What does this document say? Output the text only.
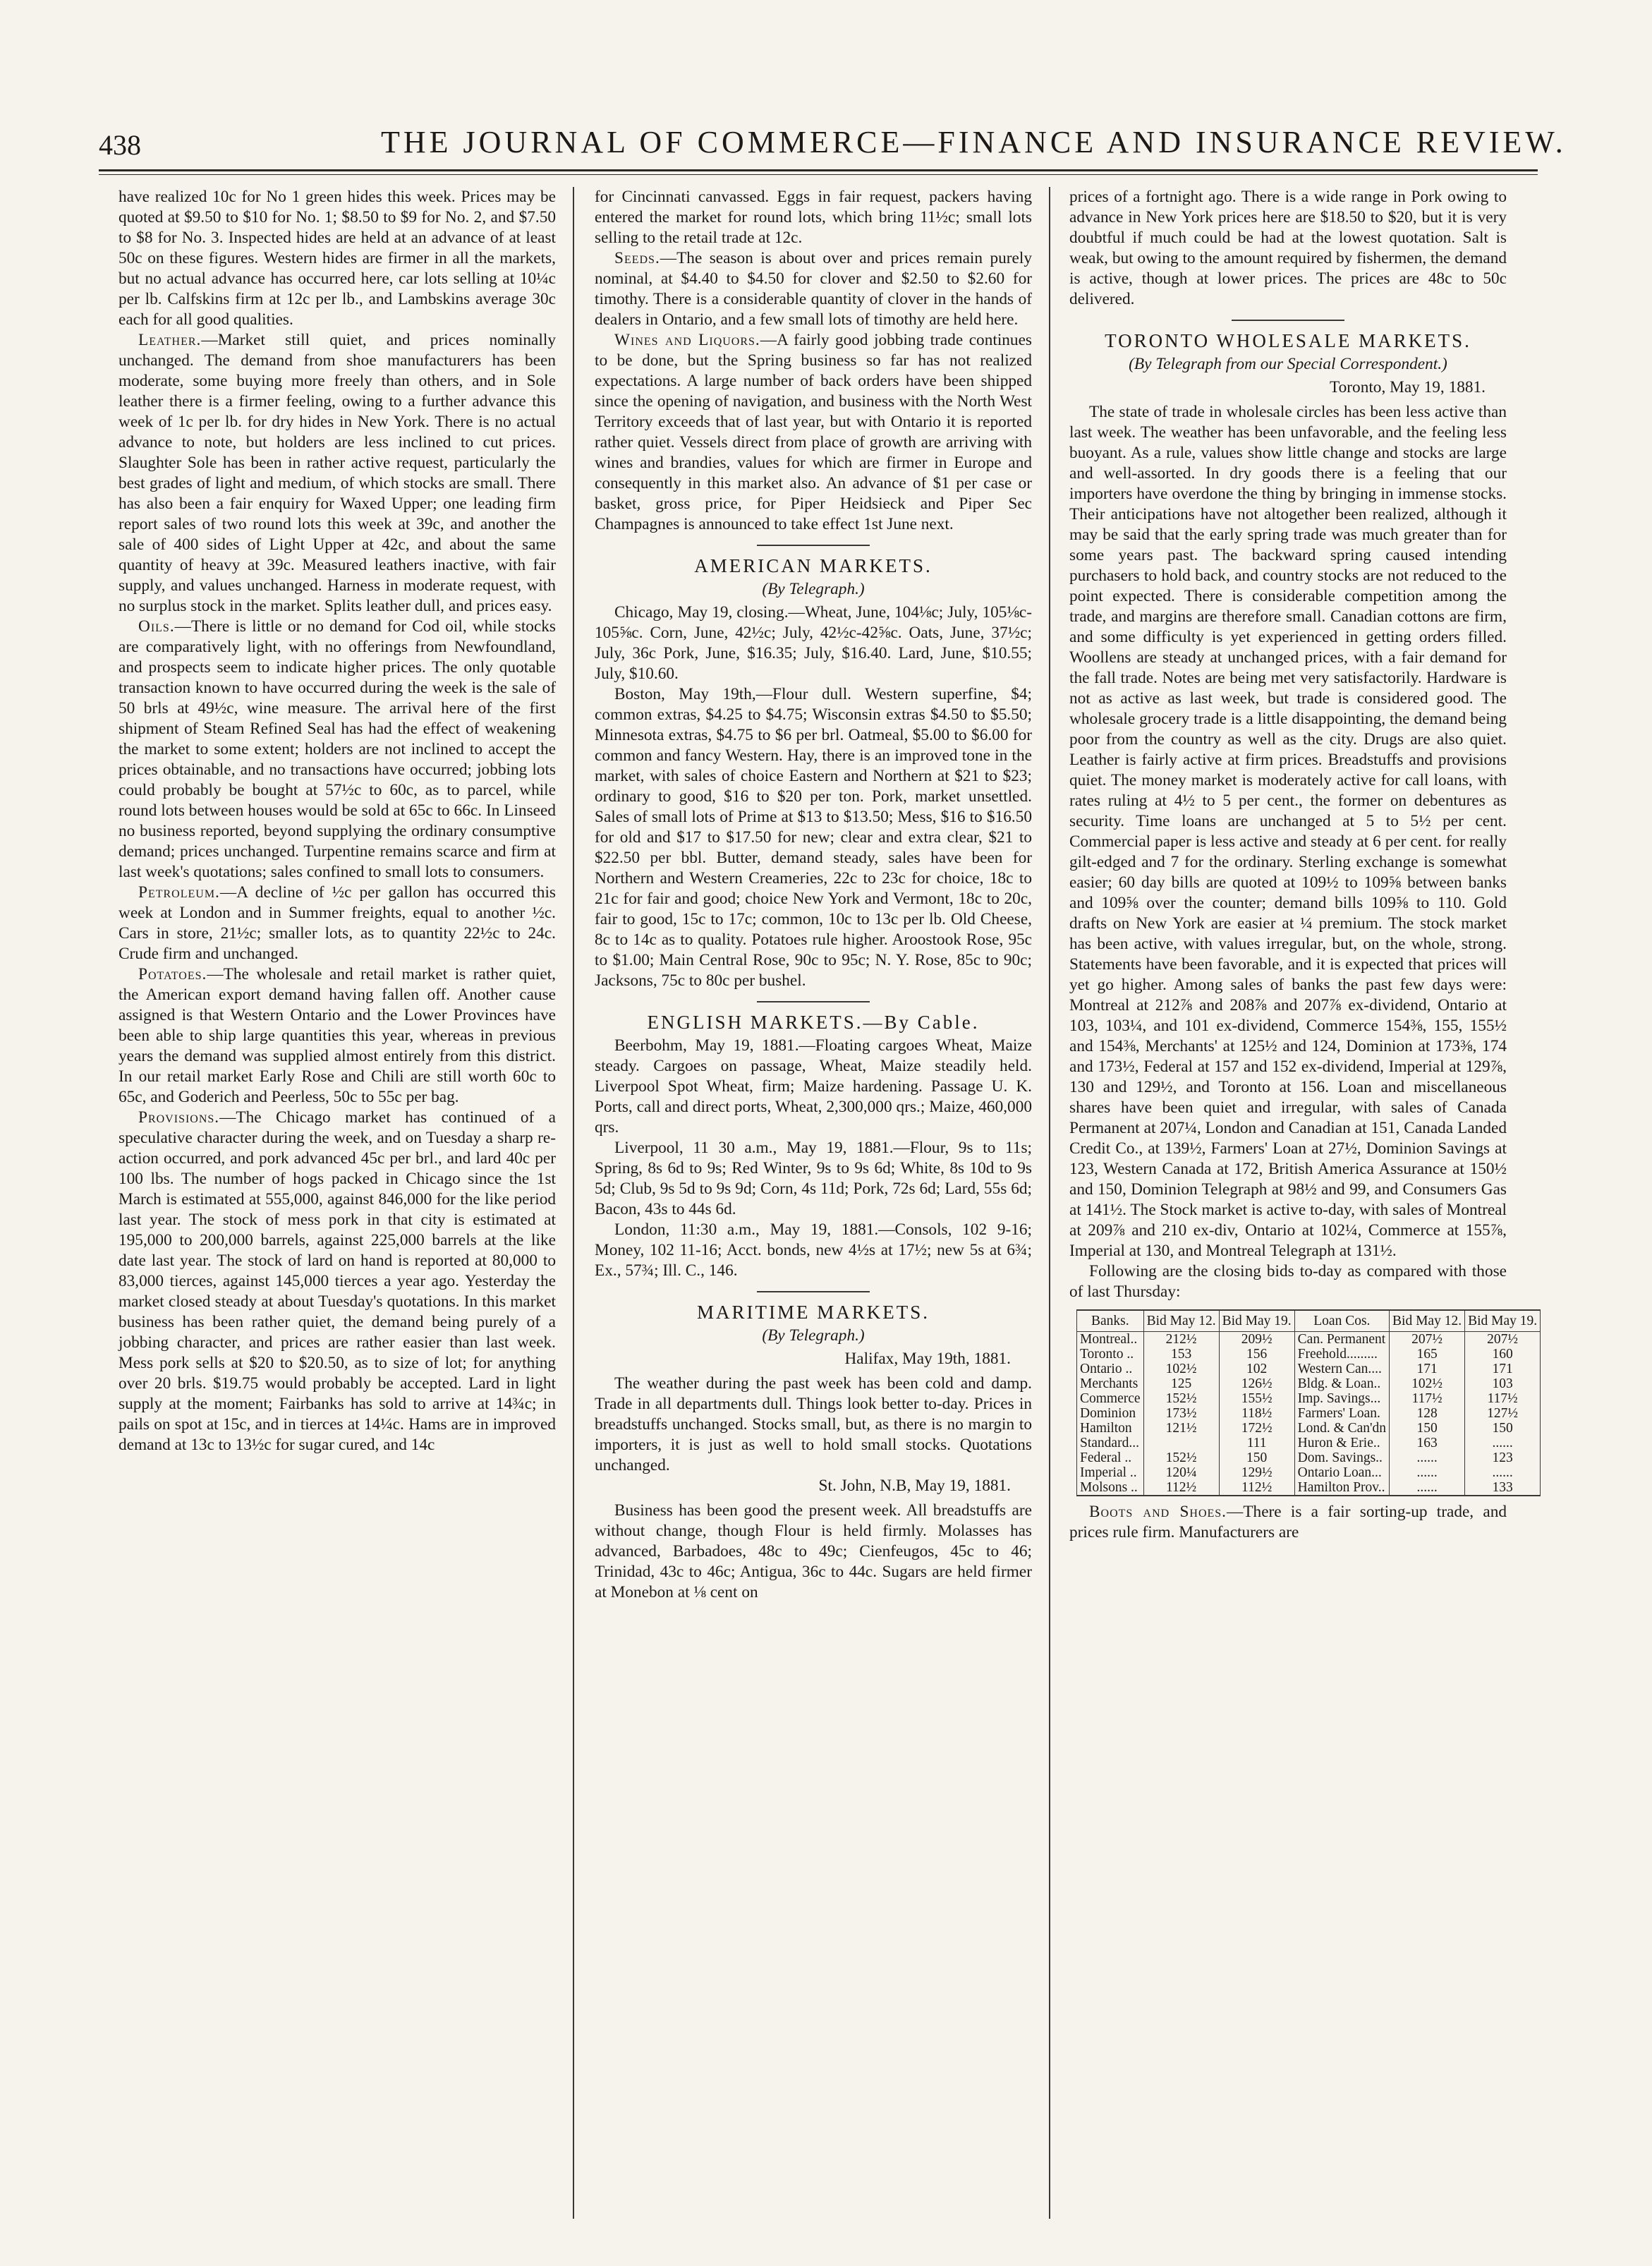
438	THE JOURNAL OF COMMERCE—FINANCE AND INSURANCE REVIEW.

have realized 10c for No 1 green hides this week. Prices may be quoted at $9.50 to $10 for No. 1; $8.50 to $9 for No. 2, and $7.50 to $8 for No. 3. Inspected hides are held at an advance of at least 50c on these figures. Western hides are firmer in all the markets, but no actual advance has occurred here, car lots selling at 10¼c per lb. Calfskins firm at 12c per lb., and Lambskins average 30c each for all good qualities.

Leather.—Market still quiet, and prices nominally unchanged. The demand from shoe manufacturers has been moderate, some buying more freely than others, and in Sole leather there is a firmer feeling, owing to a further advance this week of 1c per lb. for dry hides in New York. There is no actual advance to note, but holders are less inclined to cut prices. Slaughter Sole has been in rather active request, particularly the best grades of light and medium, of which stocks are small. There has also been a fair enquiry for Waxed Upper; one leading firm report sales of two round lots this week at 39c, and another the sale of 400 sides of Light Upper at 42c, and about the same quantity of heavy at 39c. Measured leathers inactive, with fair supply, and values unchanged. Harness in moderate request, with no surplus stock in the market. Splits leather dull, and prices easy.

Oils.—There is little or no demand for Cod oil, while stocks are comparatively light, with no offerings from Newfoundland, and prospects seem to indicate higher prices. The only quotable transaction known to have occurred during the week is the sale of 50 brls at 49½c, wine measure. The arrival here of the first shipment of Steam Refined Seal has had the effect of weakening the market to some extent; holders are not inclined to accept the prices obtainable, and no transactions have occurred; jobbing lots could probably be bought at 57½c to 60c, as to parcel, while round lots between houses would be sold at 65c to 66c. In Linseed no business reported, beyond supplying the ordinary consumptive demand; prices unchanged. Turpentine remains scarce and firm at last week's quotations; sales confined to small lots to consumers.

Petroleum.—A decline of ½c per gallon has occurred this week at London and in Summer freights, equal to another ½c. Cars in store, 21½c; smaller lots, as to quantity 22½c to 24c. Crude firm and unchanged.

Potatoes.—The wholesale and retail market is rather quiet, the American export demand having fallen off. Another cause assigned is that Western Ontario and the Lower Provinces have been able to ship large quantities this year, whereas in previous years the demand was supplied almost entirely from this district. In our retail market Early Rose and Chili are still worth 60c to 65c, and Goderich and Peerless, 50c to 55c per bag.

Provisions.—The Chicago market has continued of a speculative character during the week, and on Tuesday a sharp re-action occurred, and pork advanced 45c per brl., and lard 40c per 100 lbs. The number of hogs packed in Chicago since the 1st March is estimated at 555,000, against 846,000 for the like period last year. The stock of mess pork in that city is estimated at 195,000 to 200,000 barrels, against 225,000 barrels at the like date last year. The stock of lard on hand is reported at 80,000 to 83,000 tierces, against 145,000 tierces a year ago. Yesterday the market closed steady at about Tuesday's quotations. In this market business has been rather quiet, the demand being purely of a jobbing character, and prices are rather easier than last week. Mess pork sells at $20 to $20.50, as to size of lot; for anything over 20 brls. $19.75 would probably be accepted. Lard in light supply at the moment; Fairbanks has sold to arrive at 14¾c; in pails on spot at 15c, and in tierces at 14¼c. Hams are in improved demand at 13c to 13½c for sugar cured, and 14c

for Cincinnati canvassed. Eggs in fair request, packers having entered the market for round lots, which bring 11½c; small lots selling to the retail trade at 12c.

Seeds.—The season is about over and prices remain purely nominal, at $4.40 to $4.50 for clover and $2.50 to $2.60 for timothy. There is a considerable quantity of clover in the hands of dealers in Ontario, and a few small lots of timothy are held here.

Wines and Liquors.—A fairly good jobbing trade continues to be done, but the Spring business so far has not realized expectations. A large number of back orders have been shipped since the opening of navigation, and business with the North West Territory exceeds that of last year, but with Ontario it is reported rather quiet. Vessels direct from place of growth are arriving with wines and brandies, values for which are firmer in Europe and consequently in this market also. An advance of $1 per case or basket, gross price, for Piper Heidsieck and Piper Sec Champagnes is announced to take effect 1st June next.

AMERICAN MARKETS.
(By Telegraph.)

Chicago, May 19, closing.—Wheat, June, 104⅛c; July, 105⅛c-105⅝c. Corn, June, 42½c; July, 42½c-42⅝c. Oats, June, 37½c; July, 36c Pork, June, $16.35; July, $16.40. Lard, June, $10.55; July, $10.60.

Boston, May 19th,—Flour dull. Western superfine, $4; common extras, $4.25 to $4.75; Wisconsin extras $4.50 to $5.50; Minnesota extras, $4.75 to $6 per brl. Oatmeal, $5.00 to $6.00 for common and fancy Western. Hay, there is an improved tone in the market, with sales of choice Eastern and Northern at $21 to $23; ordinary to good, $16 to $20 per ton. Pork, market unsettled. Sales of small lots of Prime at $13 to $13.50; Mess, $16 to $16.50 for old and $17 to $17.50 for new; clear and extra clear, $21 to $22.50 per bbl. Butter, demand steady, sales have been for Northern and Western Creameries, 22c to 23c for choice, 18c to 21c for fair and good; choice New York and Vermont, 18c to 20c, fair to good, 15c to 17c; common, 10c to 13c per lb. Old Cheese, 8c to 14c as to quality. Potatoes rule higher. Aroostook Rose, 95c to $1.00; Main Central Rose, 90c to 95c; N. Y. Rose, 85c to 90c; Jacksons, 75c to 80c per bushel.

ENGLISH MARKETS.—By Cable.

Beerbohm, May 19, 1881.—Floating cargoes Wheat, Maize steady. Cargoes on passage, Wheat, Maize steadily held. Liverpool Spot Wheat, firm; Maize hardening. Passage U. K. Ports, call and direct ports, Wheat, 2,300,000 qrs.; Maize, 460,000 qrs.

Liverpool, 11 30 a.m., May 19, 1881.—Flour, 9s to 11s; Spring, 8s 6d to 9s; Red Winter, 9s to 9s 6d; White, 8s 10d to 9s 5d; Club, 9s 5d to 9s 9d; Corn, 4s 11d; Pork, 72s 6d; Lard, 55s 6d; Bacon, 43s to 44s 6d.

London, 11:30 a.m., May 19, 1881.—Consols, 102 9-16; Money, 102 11-16; Acct. bonds, new 4½s at 17½; new 5s at 6¾; Ex., 57¾; Ill. C., 146.

MARITIME MARKETS.
(By Telegraph.)
Halifax, May 19th, 1881.

The weather during the past week has been cold and damp. Trade in all departments dull. Things look better to-day. Prices in breadstuffs unchanged. Stocks small, but, as there is no margin to importers, it is just as well to hold small stocks. Quotations unchanged.

St. John, N.B, May 19, 1881.

Business has been good the present week. All breadstuffs are without change, though Flour is held firmly. Molasses has advanced, Barbadoes, 48c to 49c; Cienfeugos, 45c to 46; Trinidad, 43c to 46c; Antigua, 36c to 44c. Sugars are held firmer at Monebon at ⅛ cent on

prices of a fortnight ago. There is a wide range in Pork owing to advance in New York prices here are $18.50 to $20, but it is very doubtful if much could be had at the lowest quotation. Salt is weak, but owing to the amount required by fishermen, the demand is active, though at lower prices. The prices are 48c to 50c delivered.

TORONTO WHOLESALE MARKETS.
(By Telegraph from our Special Correspondent.)
Toronto, May 19, 1881.

The state of trade in wholesale circles has been less active than last week. The weather has been unfavorable, and the feeling less buoyant. As a rule, values show little change and stocks are large and well-assorted. In dry goods there is a feeling that our importers have overdone the thing by bringing in immense stocks. Their anticipations have not altogether been realized, although it may be said that the early spring trade was much greater than for some years past. The backward spring caused intending purchasers to hold back, and country stocks are not reduced to the point expected. There is considerable competition among the trade, and margins are therefore small. Canadian cottons are firm, and some difficulty is yet experienced in getting orders filled. Woollens are steady at unchanged prices, with a fair demand for the fall trade. Notes are being met very satisfactorily. Hardware is not as active as last week, but trade is considered good. The wholesale grocery trade is a little disappointing, the demand being poor from the country as well as the city. Drugs are also quiet. Leather is fairly active at firm prices. Breadstuffs and provisions quiet. The money market is moderately active for call loans, with rates ruling at 4½ to 5 per cent., the former on debentures as security. Time loans are unchanged at 5 to 5½ per cent. Commercial paper is less active and steady at 6 per cent. for really gilt-edged and 7 for the ordinary. Sterling exchange is somewhat easier; 60 day bills are quoted at 109½ to 109⅝ between banks and 109⅝ over the counter; demand bills 109⅝ to 110. Gold drafts on New York are easier at ¼ premium. The stock market has been active, with values irregular, but, on the whole, strong. Statements have been favorable, and it is expected that prices will yet go higher. Among sales of banks the past few days were: Montreal at 212⅞ and 208⅞ and 207⅞ ex-dividend, Ontario at 103, 103¼, and 101 ex-dividend, Commerce 154⅜, 155, 155½ and 154⅜, Merchants' at 125½ and 124, Dominion at 173⅜, 174 and 173½, Federal at 157 and 152 ex-dividend, Imperial at 129⅞, 130 and 129½, and Toronto at 156. Loan and miscellaneous shares have been quiet and irregular, with sales of Canada Permanent at 207¼, London and Canadian at 151, Canada Landed Credit Co., at 139½, Farmers' Loan at 27½, Dominion Savings at 123, Western Canada at 172, British America Assurance at 150½ and 150, Dominion Telegraph at 98½ and 99, and Consumers Gas at 141½. The Stock market is active to-day, with sales of Montreal at 209⅞ and 210 ex-div, Ontario at 102¼, Commerce at 155⅞, Imperial at 130, and Montreal Telegraph at 131½.

Following are the closing bids to-day as compared with those of last Thursday:

Banks.	Bid May 12.	Bid May 19.	Loan Cos.	Bid May 12.	Bid May 19.
Montreal..	212½	209½	Can. Permanent	207½	207½
Toronto ..	153	156	Freehold.........	165	160
Ontario ..	102½	102	Western Can....	171	171
Merchants	125	126½	Bldg. & Loan..	102½	103
Commerce	152½	155½	Imp. Savings...	117½	117½
Dominion	173½	118½	Farmers' Loan.	128	127½
Hamilton	121½	172½	Lond. & Can'dn	150	150
Standard...		111	Huron & Erie..	163	......
Federal ..	152½	150	Dom. Savings..	......	123
Imperial ..	120¼	129½	Ontario Loan...	......	......
Molsons ..	112½	112½	Hamilton Prov..	......	133

Boots and Shoes.—There is a fair sorting-up trade, and prices rule firm. Manufacturers are
